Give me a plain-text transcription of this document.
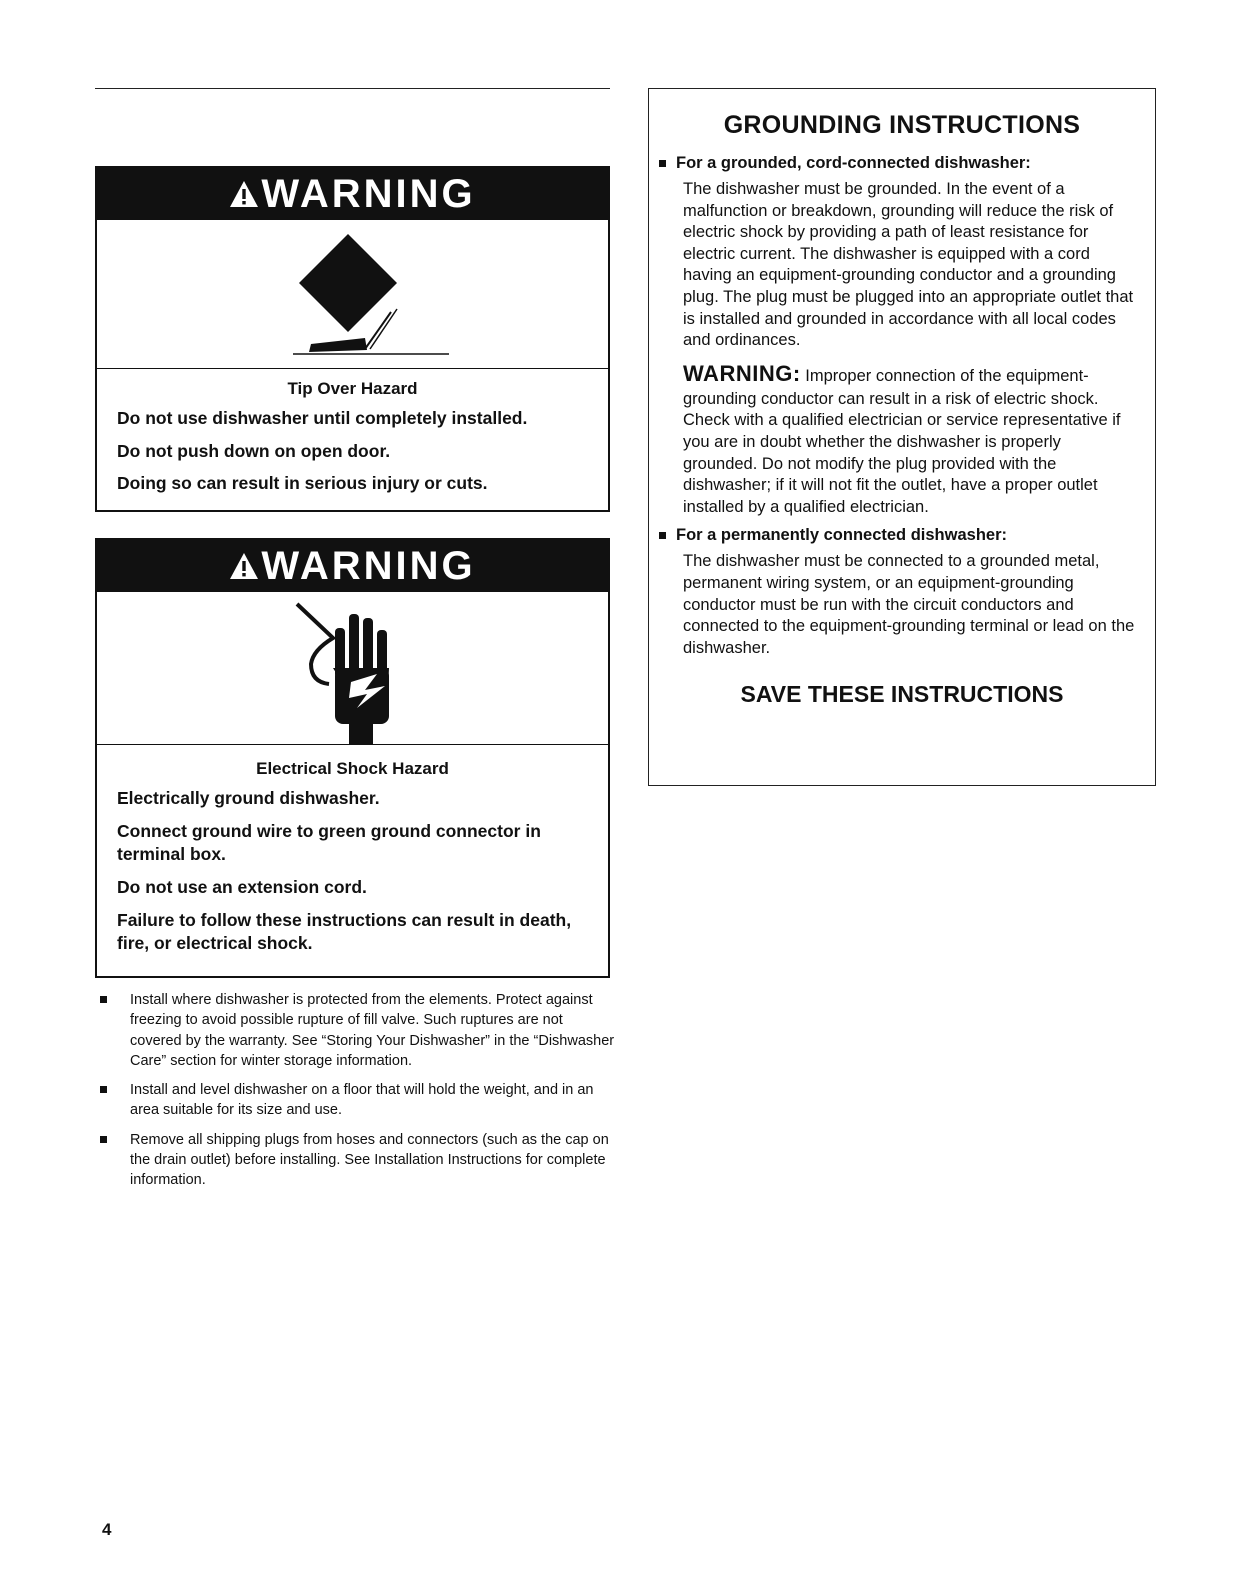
WARNING

Tip Over Hazard

Do not use dishwasher until completely installed.

Do not push down on open door.

Doing so can result in serious injury or cuts.

WARNING

Electrical Shock Hazard

Electrically ground dishwasher.

Connect ground wire to green ground connector in terminal box.

Do not use an extension cord.

Failure to follow these instructions can result in death, fire, or electrical shock.

Install where dishwasher is protected from the elements. Protect against freezing to avoid possible rupture of fill valve. Such ruptures are not covered by the warranty. See “Storing Your Dishwasher” in the “Dishwasher Care” section for winter storage information.
Install and level dishwasher on a floor that will hold the weight, and in an area suitable for its size and use.
Remove all shipping plugs from hoses and connectors (such as the cap on the drain outlet) before installing. See Installation Instructions for complete information.
GROUNDING INSTRUCTIONS
For a grounded, cord-connected dishwasher:

The dishwasher must be grounded. In the event of a malfunction or breakdown, grounding will reduce the risk of electric shock by providing a path of least resistance for electric current. The dishwasher is equipped with a cord having an equipment-grounding conductor and a grounding plug. The plug must be plugged into an appropriate outlet that is installed and grounded in accordance with all local codes and ordinances.

WARNING: Improper connection of the equipment-grounding conductor can result in a risk of electric shock. Check with a qualified electrician or service representative if you are in doubt whether the dishwasher is properly grounded. Do not modify the plug provided with the dishwasher; if it will not fit the outlet, have a proper outlet installed by a qualified electrician.

For a permanently connected dishwasher:

The dishwasher must be connected to a grounded metal, permanent wiring system, or an equipment-grounding conductor must be run with the circuit conductors and connected to the equipment-grounding terminal or lead on the dishwasher.

SAVE THESE INSTRUCTIONS
4
